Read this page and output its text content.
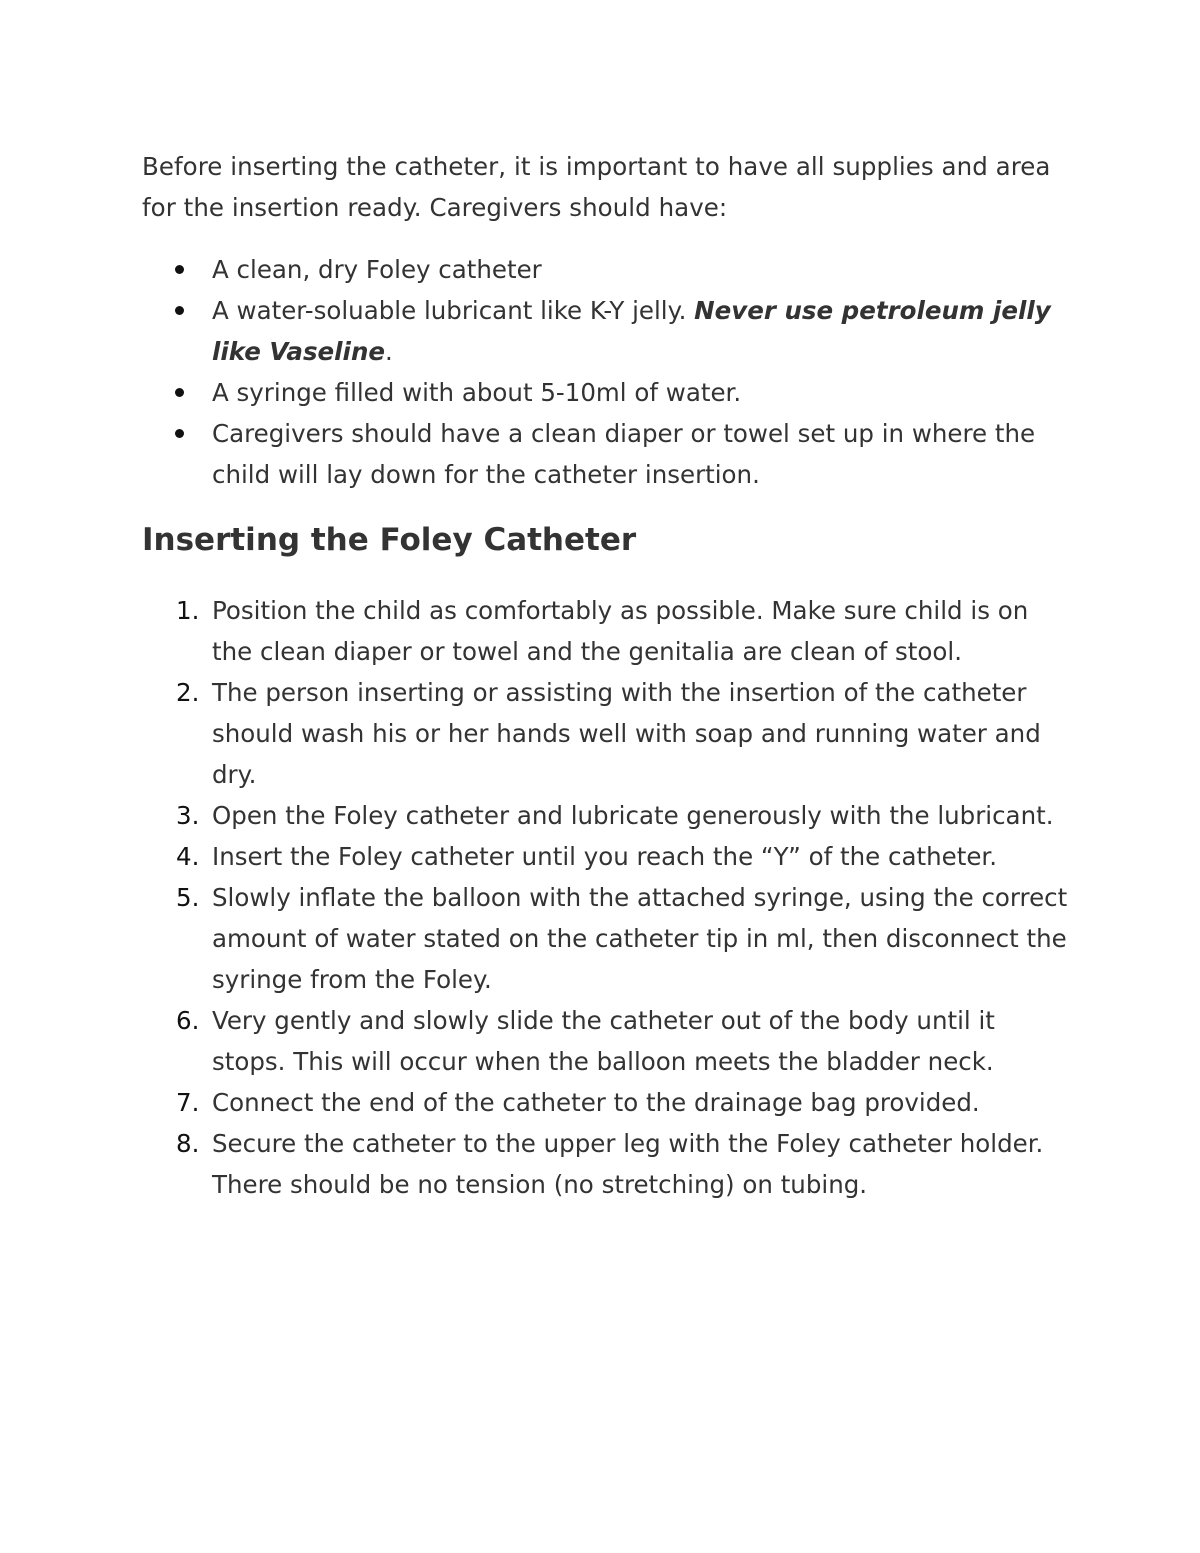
Before inserting the catheter, it is important to have all supplies and area for the insertion ready. Caregivers should have:

A clean, dry Foley catheter
A water-soluable lubricant like K-Y jelly. Never use petroleum jelly like Vaseline.
A syringe filled with about 5-10ml of water.
Caregivers should have a clean diaper or towel set up in where the child will lay down for the catheter insertion.
Inserting the Foley Catheter
1. Position the child as comfortably as possible. Make sure child is on the clean diaper or towel and the genitalia are clean of stool.
2. The person inserting or assisting with the insertion of the catheter should wash his or her hands well with soap and running water and dry.
3. Open the Foley catheter and lubricate generously with the lubricant.
4. Insert the Foley catheter until you reach the “Y” of the catheter.
5. Slowly inflate the balloon with the attached syringe, using the correct amount of water stated on the catheter tip in ml, then disconnect the syringe from the Foley.
6. Very gently and slowly slide the catheter out of the body until it stops. This will occur when the balloon meets the bladder neck.
7. Connect the end of the catheter to the drainage bag provided.
8. Secure the catheter to the upper leg with the Foley catheter holder. There should be no tension (no stretching) on tubing.
